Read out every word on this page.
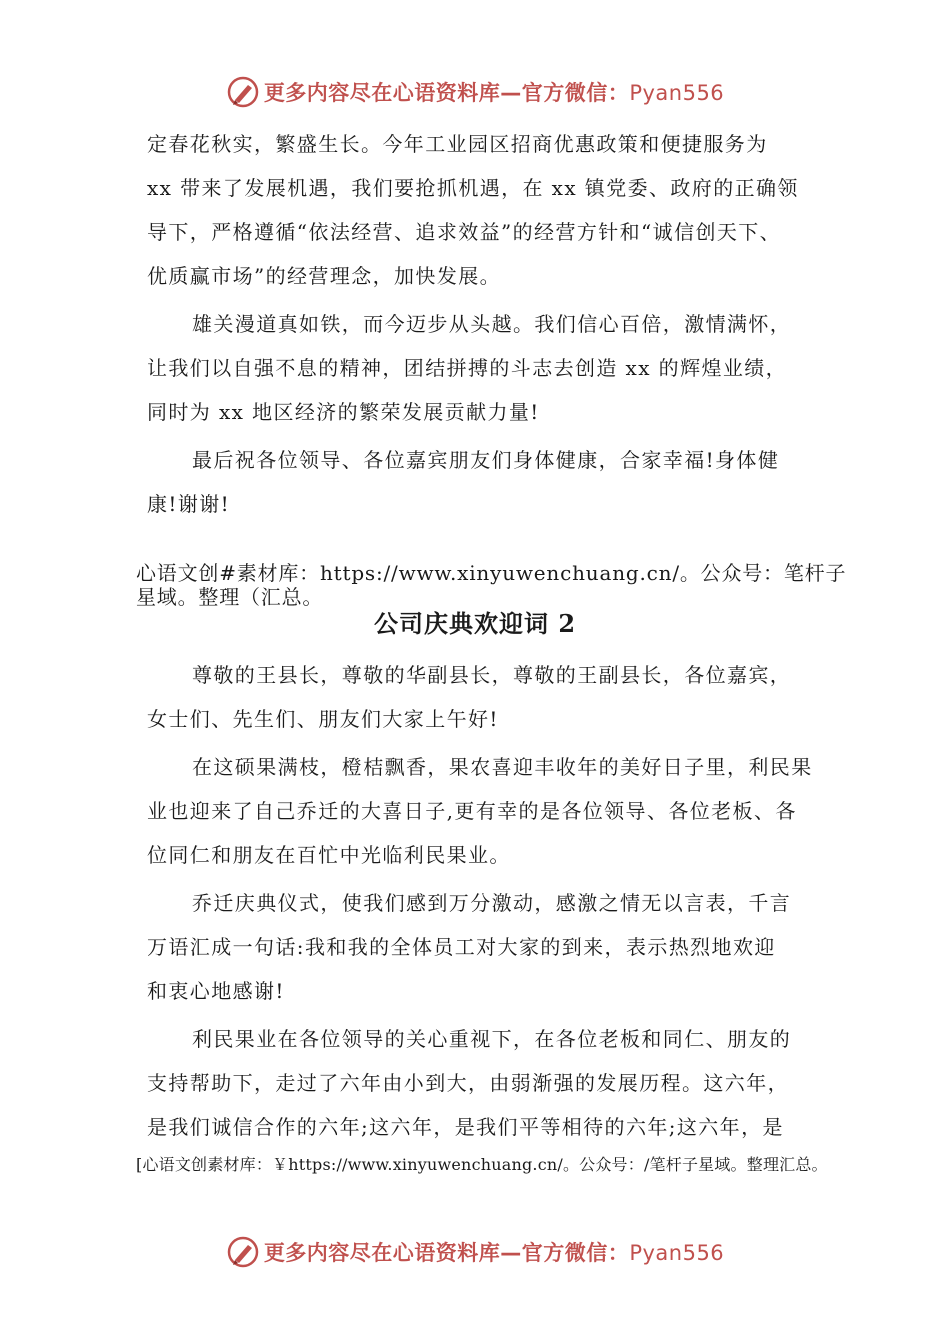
更多内容尽在心语资料库—官方微信：Pyan556
定春花秋实，繁盛生长。今年工业园区招商优惠政策和便捷服务为
xx 带来了发展机遇，我们要抢抓机遇，在 xx 镇党委、政府的正确领
导下，严格遵循“依法经营、追求效益”的经营方针和“诚信创天下、
优质赢市场”的经营理念，加快发展。
雄关漫道真如铁，而今迈步从头越。我们信心百倍，激情满怀，
让我们以自强不息的精神，团结拼搏的斗志去创造 xx 的辉煌业绩，
同时为 xx 地区经济的繁荣发展贡献力量!
最后祝各位领导、各位嘉宾朋友们身体健康，合家幸福!身体健
康!谢谢!
心语文创#素材库：https://www.xinyuwenchuang.cn/。公众号：笔杆子
星域。整理（汇总。
公司庆典欢迎词 2
尊敬的王县长，尊敬的华副县长，尊敬的王副县长，各位嘉宾，
女士们、先生们、朋友们大家上午好!
在这硕果满枝，橙桔飘香，果农喜迎丰收年的美好日子里，利民果
业也迎来了自己乔迁的大喜日子,更有幸的是各位领导、各位老板、各
位同仁和朋友在百忙中光临利民果业。
乔迁庆典仪式，使我们感到万分激动，感激之情无以言表，千言
万语汇成一句话:我和我的全体员工对大家的到来，表示热烈地欢迎
和衷心地感谢!
利民果业在各位领导的关心重视下，在各位老板和同仁、朋友的
支持帮助下，走过了六年由小到大，由弱渐强的发展历程。这六年，
是我们诚信合作的六年;这六年，是我们平等相待的六年;这六年，是
[心语文创素材库：￥https://www.xinyuwenchuang.cn/。公众号：/笔杆子星域。整理汇总。
更多内容尽在心语资料库—官方微信：Pyan556
